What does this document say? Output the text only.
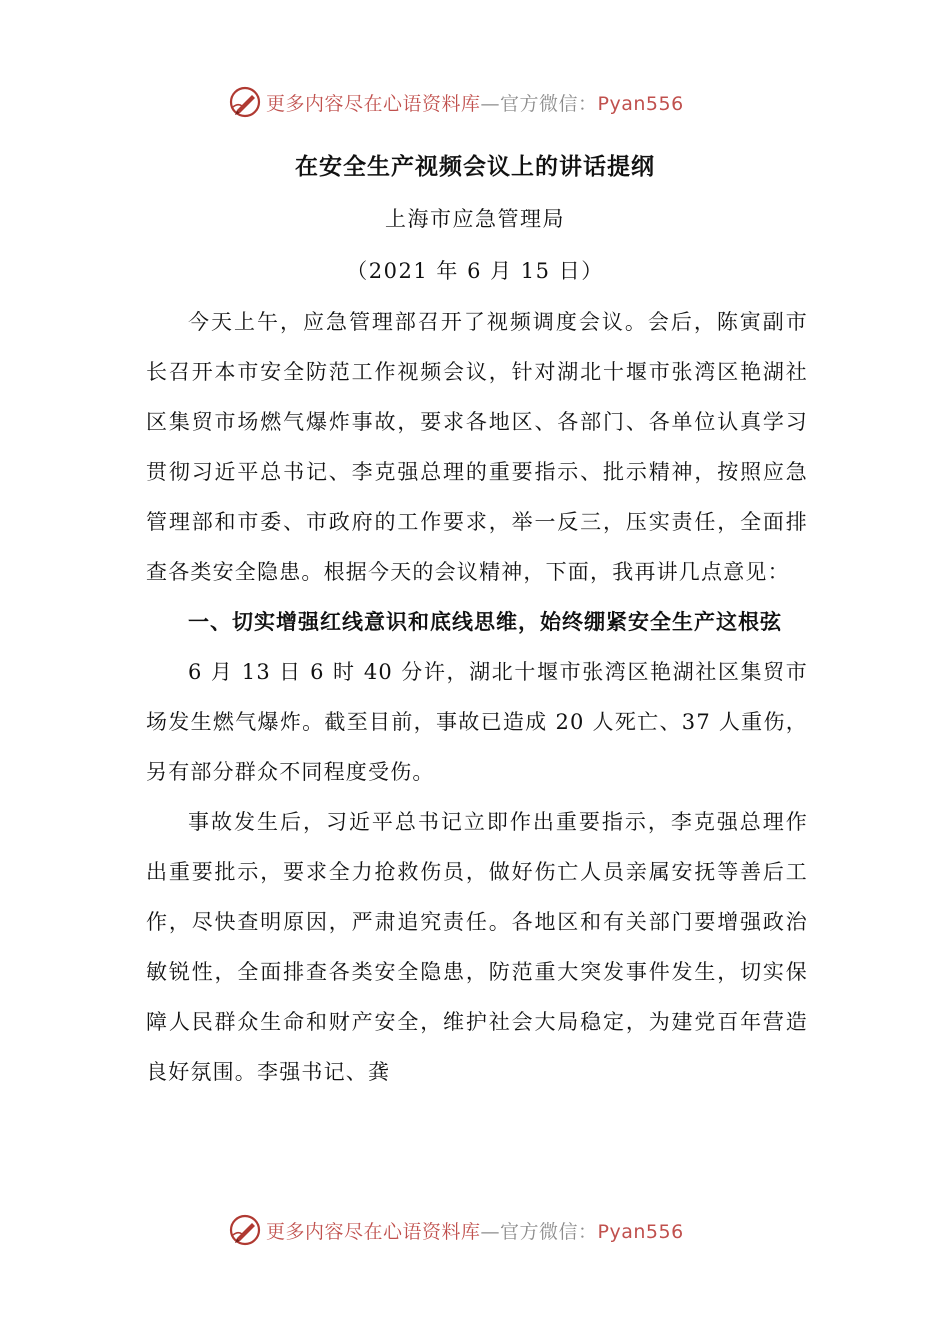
更多内容尽在心语资料库—官方微信：Pyan556
在安全生产视频会议上的讲话提纲
上海市应急管理局
（2021 年 6 月 15 日）

今天上午，应急管理部召开了视频调度会议。会后，陈寅副市长召开本市安全防范工作视频会议，针对湖北十堰市张湾区艳湖社区集贸市场燃气爆炸事故，要求各地区、各部门、各单位认真学习贯彻习近平总书记、李克强总理的重要指示、批示精神，按照应急管理部和市委、市政府的工作要求，举一反三，压实责任，全面排查各类安全隐患。根据今天的会议精神，下面，我再讲几点意见：

一、切实增强红线意识和底线思维，始终绷紧安全生产这根弦

6 月 13 日 6 时 40 分许，湖北十堰市张湾区艳湖社区集贸市场发生燃气爆炸。截至目前，事故已造成 20 人死亡、37 人重伤，另有部分群众不同程度受伤。

事故发生后，习近平总书记立即作出重要指示，李克强总理作出重要批示，要求全力抢救伤员，做好伤亡人员亲属安抚等善后工作，尽快查明原因，严肃追究责任。各地区和有关部门要增强政治敏锐性，全面排查各类安全隐患，防范重大突发事件发生，切实保障人民群众生命和财产安全，维护社会大局稳定，为建党百年营造良好氛围。李强书记、龚

更多内容尽在心语资料库—官方微信：Pyan556
